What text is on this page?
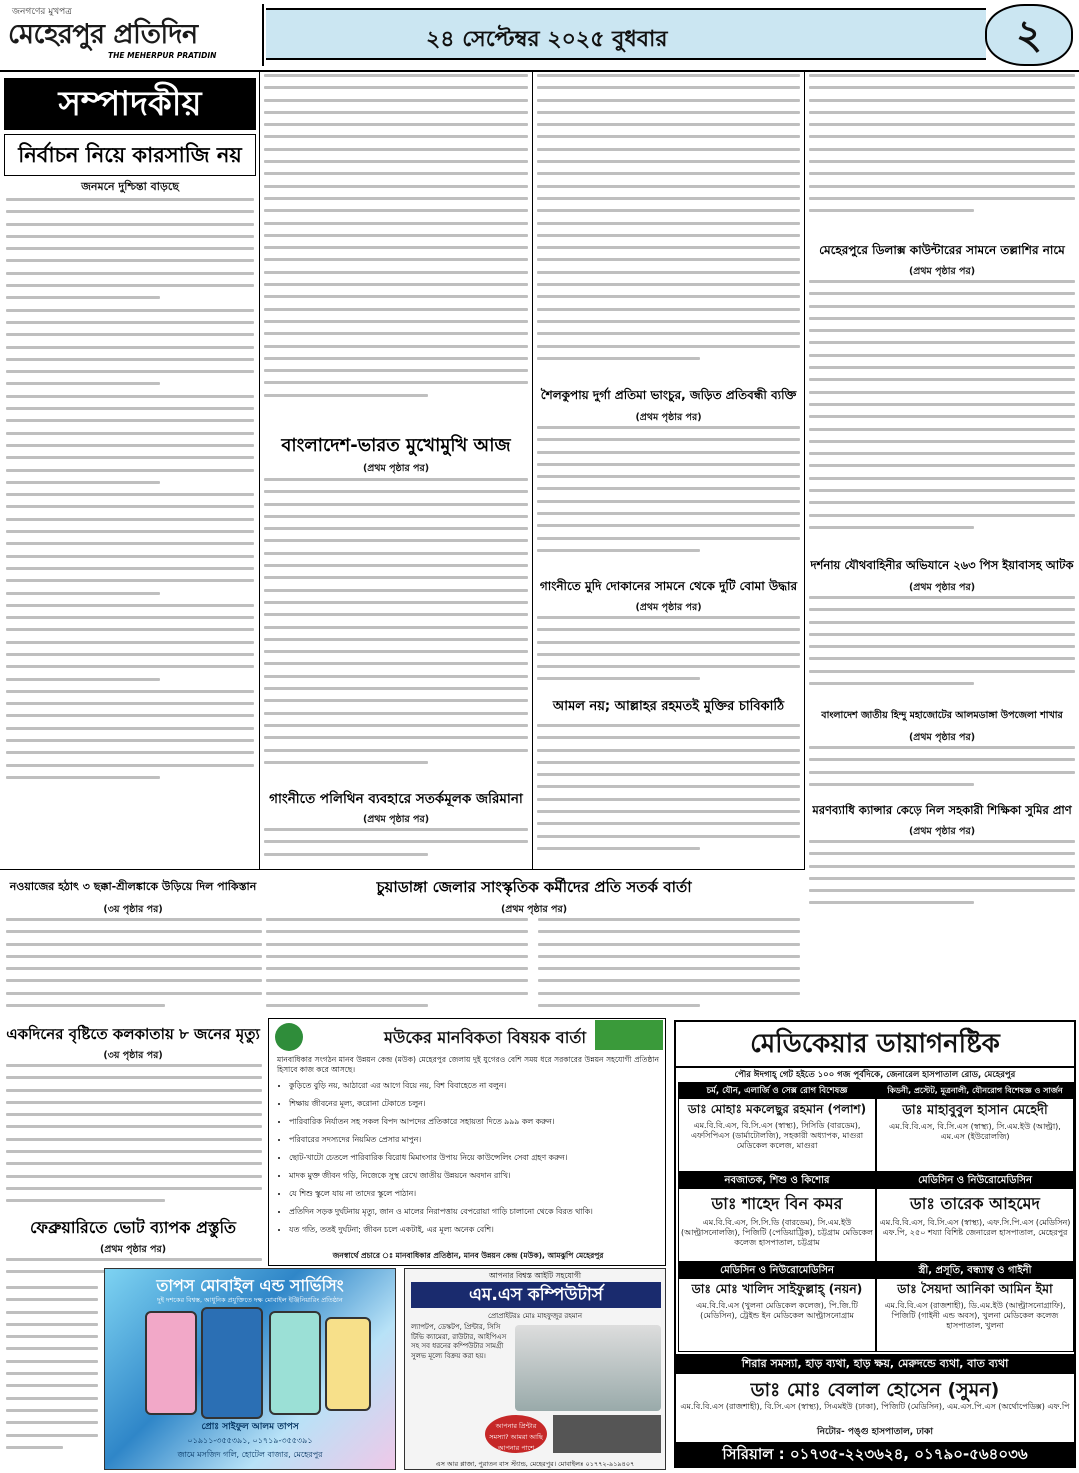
জনগণের মুখপত্র
মেহেরপুর প্রতিদিন
THE MEHERPUR PRATIDIN
২৪ সেপ্টেম্বর ২০২৫ বুধবার	২
সম্পাদকীয়
নির্বাচন নিয়ে কারসাজি নয়
জনমনে দুশ্চিন্তা বাড়ছে
বাংলাদেশ-ভারত মুখোমুখি আজ
(প্রথম পৃষ্ঠার পর)
গাংনীতে পলিথিন ব্যবহারে সতর্কমূলক জরিমানা
(প্রথম পৃষ্ঠার পর)
শৈলকুপায় দুর্গা প্রতিমা ভাংচুর, জড়িত প্রতিবন্ধী ব্যক্তি
(প্রথম পৃষ্ঠার পর)
গাংনীতে মুদি দোকানের সামনে থেকে দুটি বোমা উদ্ধার
(প্রথম পৃষ্ঠার পর)
আমল নয়; আল্লাহর রহমতই মুক্তির চাবিকাঠি
মেহেরপুরে ডিলাক্স কাউন্টারের সামনে তল্লাশির নামে
(প্রথম পৃষ্ঠার পর)
দর্শনায় যৌথবাহিনীর অভিযানে ২৬৩ পিস ইয়াবাসহ আটক
(প্রথম পৃষ্ঠার পর)
বাংলাদেশ জাতীয় হিন্দু মহাজোটের আলমডাঙ্গা উপজেলা শাখার
(প্রথম পৃষ্ঠার পর)
মরণব্যাধি ক্যান্সার কেড়ে নিল সহকারী শিক্ষিকা সুমির প্রাণ
(প্রথম পৃষ্ঠার পর)
নওয়াজের হঠাৎ ৩ ছক্কা-শ্রীলঙ্কাকে উড়িয়ে দিল পাকিস্তান
(৩য় পৃষ্ঠার পর)
একদিনের বৃষ্টিতে কলকাতায় ৮ জনের মৃত্যু
(৩য় পৃষ্ঠার পর)
ফেব্রুয়ারিতে ভোট ব্যাপক প্রস্তুতি
(প্রথম পৃষ্ঠার পর)
চুয়াডাঙ্গা জেলার সাংস্কৃতিক কর্মীদের প্রতি সতর্ক বার্তা
(প্রথম পৃষ্ঠার পর)
মউকের মানবিকতা বিষয়ক বার্তা
মানবাধিকার সংগঠন মানব উন্নয়ন কেন্দ্র (মউক) মেহেরপুর জেলায় দুই যুগেরও বেশি সময় ধরে সরকারের উন্নয়ন সহযোগী প্রতিষ্ঠান হিসাবে কাজ করে আসছে।
• কুড়িতে বুড়ি নয়, আঠারো এর আগে বিয়ে নয়, বিশ বিবাহেতে না বলুন।
• শিক্ষায় জীবনের মূল্য, করোনা টেকাতে চলুন।
• পারিবারিক নির্যাতন সহ সকল বিপদ আপদের প্রতিকারে সহায়তা দিতে ৯৯৯ কল করুন।
• পরিবারের সদস্যদের নিয়মিত প্রেসার মাপুন।
• ছোট-খাটো চেতলে পারিবারিক বিরোধ মিমাংসার উপায় নিয়ে কাউন্সেলিং সেবা গ্রহণ করুন।
• মাদক মুক্ত জীবন গড়ি, নিজেকে সুস্থ রেখে জাতীয় উন্নয়নে অবদান রাখি।
• যে শিশু স্কুলে যায় না তাদের স্কুলে পাঠান।
• প্রতিদিন সড়ক দুর্ঘটনায় মৃত্যু, জান ও মালের নিরাপত্তায় বেপরোয়া গাড়ি চালানো থেকে বিরত থাকি।
• যত গতি, ততই দুর্ঘটনা; জীবন চলে একটাই, এর মূল্য অনেক বেশি।
জনস্বার্থে প্রচারে ঃ মানবাধিকার প্রতিষ্ঠান, মানব উন্নয়ন কেন্দ্র (মউক), আমঝুপি মেহেরপুর
তাপস মোবাইল এন্ড সার্ভিসিং
দুই দশকের বিশ্বস্ত, আধুনিক প্রযুক্তিতে দক্ষ মোবাইল ইঞ্জিনিয়ারিং প্রতিষ্ঠান
প্রোঃ সাইফুল আলম তাপস
০১৯১১-৩৫৫৩৯১, ০১৭১৯-৩৫৫৩৯১
জামে মসজিদ গলি, হোটেল বাজার, মেহেরপুর
আপনার বিশ্বস্ত আইটি সহযোগী
এম.এস কম্পিউটার্স
প্রোপ্রাইটরঃ মোঃ মাহফুজুর রহমান
ল্যাপটপ, ডেস্কটপ, প্রিন্টার, সিসি টিভি ক্যামেরা, রাউটার, আইপিএস সহ সব ধরনের কম্পিউটার সামগ্রী সুলভ মূল্যে বিক্রয় করা হয়।
আপনার প্রিন্টার সমস্যা? আমরা আছি আপনার পাশে
এস আর প্লাজা, পুরাতন বাস স্ট্যান্ড, মেহেরপুর। মোবাইলঃ ০১৭৭২-৯১৯৪০৭
মেডিকেয়ার ডায়াগনষ্টিক
পৌর ঈদগাহ্ গেট হইতে ১০০ গজ পূর্বদিকে, জেনারেল হাসপাতাল রোড, মেহেরপুর
চর্ম, যৌন, এলার্জি ও সেক্স রোগ বিশেষজ্ঞ
ডাঃ মোহাঃ মকলেছুর রহমান (পলাশ)
এম.বি.বি.এস, বি.সি.এস (স্বাস্থ্য), সিসিডি (বারডেম), এফসিপিএস (ডার্মাটোলজি), সহকারী অধ্যাপক, মাগুরা মেডিকেল কলেজ, মাগুরা
কিডনী, প্রস্টেট, মূত্রনালী, যৌনরোগ বিশেষজ্ঞ ও সার্জন
ডাঃ মাহাবুবুল হাসান মেহেদী
এম.বি.বি.এস, বি.সি.এস (স্বাস্থ্য), সি.এম.ইউ (আল্ট্রা), এম.এস (ইউরোলজি)
নবজাতক, শিশু ও কিশোর
ডাঃ শাহেদ বিন কমর
এম.বি.বি.এস, সি.সি.ডি (বারডেম), সি.এম.ইউ (আল্ট্রাসনোলজি), পিজিটি (পেডিয়াট্রিক), চট্টগ্রাম মেডিকেল কলেজ হাসপাতাল, চট্টগ্রাম
মেডিসিন ও নিউরোমেডিসিন
ডাঃ তারেক আহমেদ
এম.বি.বি.এস, বি.সি.এস (স্বাস্থ্য), এফ.সি.পি.এস (মেডিসিন) এফ.পি, ২৫০ শয্যা বিশিষ্ট জেনারেল হাসপাতাল, মেহেরপুর
মেডিসিন ও নিউরোমেডিসিন
ডাঃ মোঃ খালিদ সাইফুল্লাহ্ (নয়ন)
এম.বি.বি.এস (খুলনা মেডিকেল কলেজ), পি.জি.টি (মেডিসিন), ট্রেইন্ড ইন মেডিকেল আল্ট্রাসনোগ্রাম
স্ত্রী, প্রসূতি, বন্ধ্যাত্ব ও গাইনী
ডাঃ সৈয়দা আনিকা আমিন ইমা
এম.বি.বি.এস (রাজশাহী), ডি.এম.ইউ (আল্ট্রাসনোগ্রাফি), পিজিটি (গাইনী এন্ড অবস), খুলনা মেডিকেল কলেজ হাসপাতাল, খুলনা
শিরার সমস্যা, হাড় ব্যথা, হাড় ক্ষয়, মেরুদন্ডে ব্যথা, বাত ব্যথা
ডাঃ মোঃ বেলাল হোসেন (সুমন)
এম.বি.বি.এস (রাজশাহী), বি.সি.এস (স্বাস্থ্য), সিএমইউ (ঢাকা), পিজিটি (মেডিসিন), এম.এস.পি.এস (অর্থোপেডিক্স) এফ.পি
নিটোর- পঙ্গু হাসপাতাল, ঢাকা
সিরিয়াল : ০১৭৩৫-২২৩৬২৪, ০১৭৯০-৫৬৪০৩৬
